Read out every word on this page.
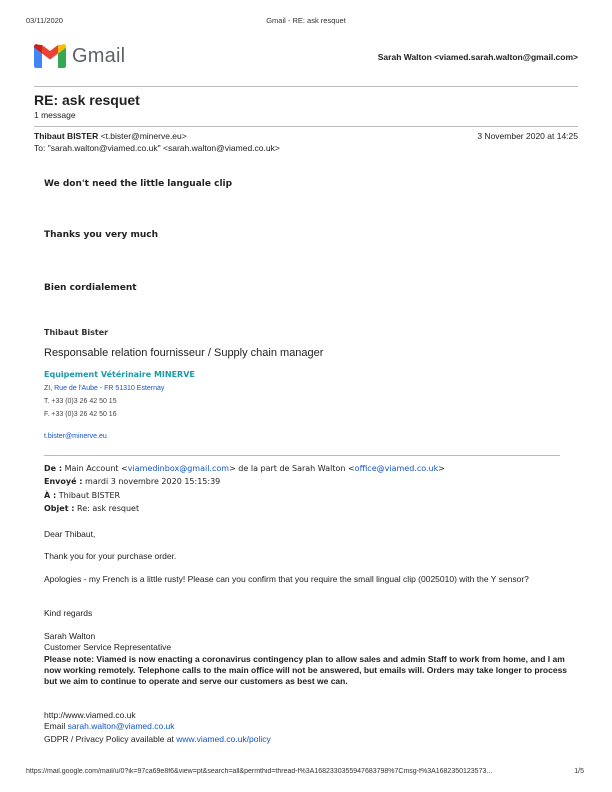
03/11/2020	Gmail - RE: ask resquet
Gmail	Sarah Walton <viamed.sarah.walton@gmail.com>
RE: ask resquet
1 message
Thibaut BISTER <t.bister@minerve.eu>	3 November 2020 at 14:25
To: "sarah.walton@viamed.co.uk" <sarah.walton@viamed.co.uk>
We don't need the little languale clip
Thanks you very much
Bien cordialement
Thibaut Bister
Responsable relation fournisseur / Supply chain manager
Equipement Vétérinaire MINERVE
ZI, Rue de l'Aube - FR 51310 Esternay
T. +33 (0)3 26 42 50 15
F. +33 (0)3 26 42 50 16
t.bister@minerve.eu
De : Main Account <viamedinbox@gmail.com> de la part de Sarah Walton <office@viamed.co.uk>
Envoyé : mardi 3 novembre 2020 15:15:39
À : Thibaut BISTER
Objet : Re: ask resquet
Dear Thibaut,
Thank you for your purchase order.
Apologies - my French is a little rusty! Please can you confirm that you require the small lingual clip (0025010) with the Y sensor?
Kind regards
Sarah Walton
Customer Service Representative
Please note: Viamed is now enacting a coronavirus contingency plan to allow sales and admin Staff to work from home, and I am now working remotely. Telephone calls to the main office will not be answered, but emails will. Orders may take longer to process but we aim to continue to operate and serve our customers as best we can.
http://www.viamed.co.uk
Email sarah.walton@viamed.co.uk
GDPR / Privacy Policy available at www.viamed.co.uk/policy
https://mail.google.com/mail/u/0?ik=97ca69e8f6&view=pt&search=all&permthid=thread-f%3A1682330355947683798%7Cmsg-f%3A1682350123573...	1/5
